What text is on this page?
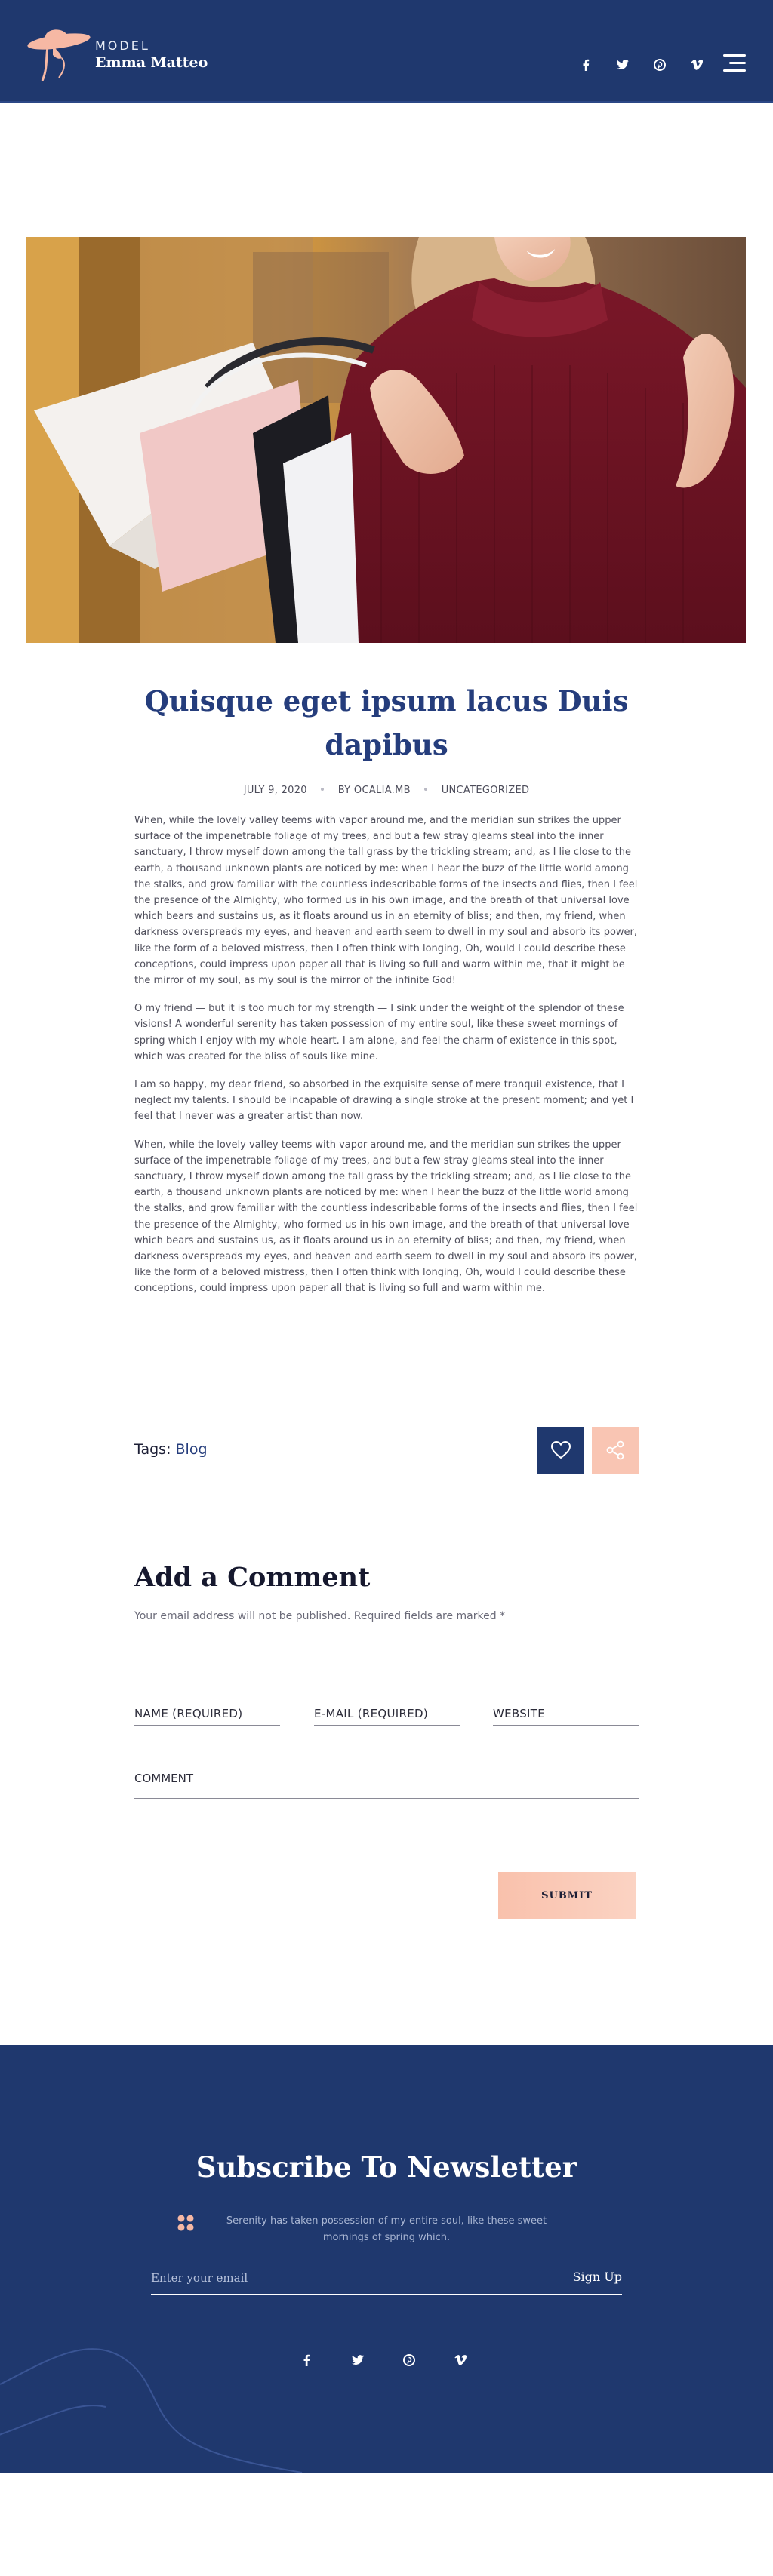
MODEL
Emma Matteo
Quisque eget ipsum lacus Duis dapibus
JULY 9, 2020	BY OCALIA.MB	UNCATEGORIZED

When, while the lovely valley teems with vapor around me, and the meridian sun strikes the upper surface of the impenetrable foliage of my trees, and but a few stray gleams steal into the inner sanctuary, I throw myself down among the tall grass by the trickling stream; and, as I lie close to the earth, a thousand unknown plants are noticed by me: when I hear the buzz of the little world among the stalks, and grow familiar with the countless indescribable forms of the insects and flies, then I feel the presence of the Almighty, who formed us in his own image, and the breath of that universal love which bears and sustains us, as it floats around us in an eternity of bliss; and then, my friend, when darkness overspreads my eyes, and heaven and earth seem to dwell in my soul and absorb its power, like the form of a beloved mistress, then I often think with longing, Oh, would I could describe these conceptions, could impress upon paper all that is living so full and warm within me, that it might be the mirror of my soul, as my soul is the mirror of the infinite God!

O my friend — but it is too much for my strength — I sink under the weight of the splendor of these visions! A wonderful serenity has taken possession of my entire soul, like these sweet mornings of spring which I enjoy with my whole heart. I am alone, and feel the charm of existence in this spot, which was created for the bliss of souls like mine.

I am so happy, my dear friend, so absorbed in the exquisite sense of mere tranquil existence, that I neglect my talents. I should be incapable of drawing a single stroke at the present moment; and yet I feel that I never was a greater artist than now.

When, while the lovely valley teems with vapor around me, and the meridian sun strikes the upper surface of the impenetrable foliage of my trees, and but a few stray gleams steal into the inner sanctuary, I throw myself down among the tall grass by the trickling stream; and, as I lie close to the earth, a thousand unknown plants are noticed by me: when I hear the buzz of the little world among the stalks, and grow familiar with the countless indescribable forms of the insects and flies, then I feel the presence of the Almighty, who formed us in his own image, and the breath of that universal love which bears and sustains us, as it floats around us in an eternity of bliss; and then, my friend, when darkness overspreads my eyes, and heaven and earth seem to dwell in my soul and absorb its power, like the form of a beloved mistress, then I often think with longing, Oh, would I could describe these conceptions, could impress upon paper all that is living so full and warm within me.

Tags: Blog
Add a Comment

Your email address will not be published. Required fields are marked *

NAME (REQUIRED)
E-MAIL (REQUIRED)
WEBSITE
COMMENT
SUBMIT
Subscribe To Newsletter

Serenity has taken possession of my entire soul, like these sweet mornings of spring which.

Enter your email
Sign Up
